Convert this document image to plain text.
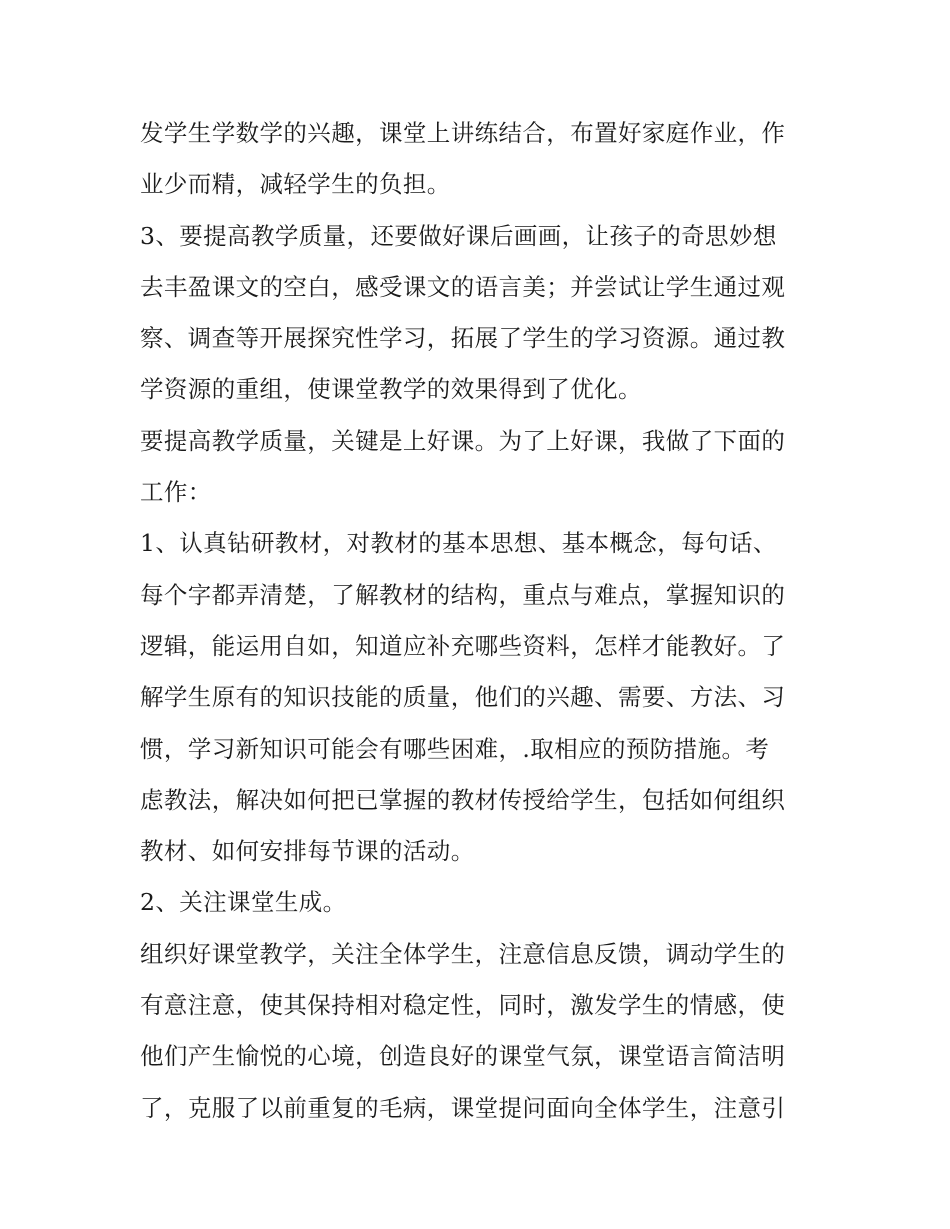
发学生学数学的兴趣，课堂上讲练结合，布置好家庭作业，作
业少而精，减轻学生的负担。
3、要提高教学质量，还要做好课后画画，让孩子的奇思妙想
去丰盈课文的空白，感受课文的语言美；并尝试让学生通过观
察、调查等开展探究性学习，拓展了学生的学习资源。通过教
学资源的重组，使课堂教学的效果得到了优化。
要提高教学质量，关键是上好课。为了上好课，我做了下面的
工作：
1、认真钻研教材，对教材的基本思想、基本概念，每句话、
每个字都弄清楚，了解教材的结构，重点与难点，掌握知识的
逻辑，能运用自如，知道应补充哪些资料，怎样才能教好。了
解学生原有的知识技能的质量，他们的兴趣、需要、方法、习
惯，学习新知识可能会有哪些困难，.取相应的预防措施。考
虑教法，解决如何把已掌握的教材传授给学生，包括如何组织
教材、如何安排每节课的活动。
2、关注课堂生成。
组织好课堂教学，关注全体学生，注意信息反馈，调动学生的
有意注意，使其保持相对稳定性，同时，激发学生的情感，使
他们产生愉悦的心境，创造良好的课堂气氛，课堂语言简洁明
了，克服了以前重复的毛病，课堂提问面向全体学生，注意引
